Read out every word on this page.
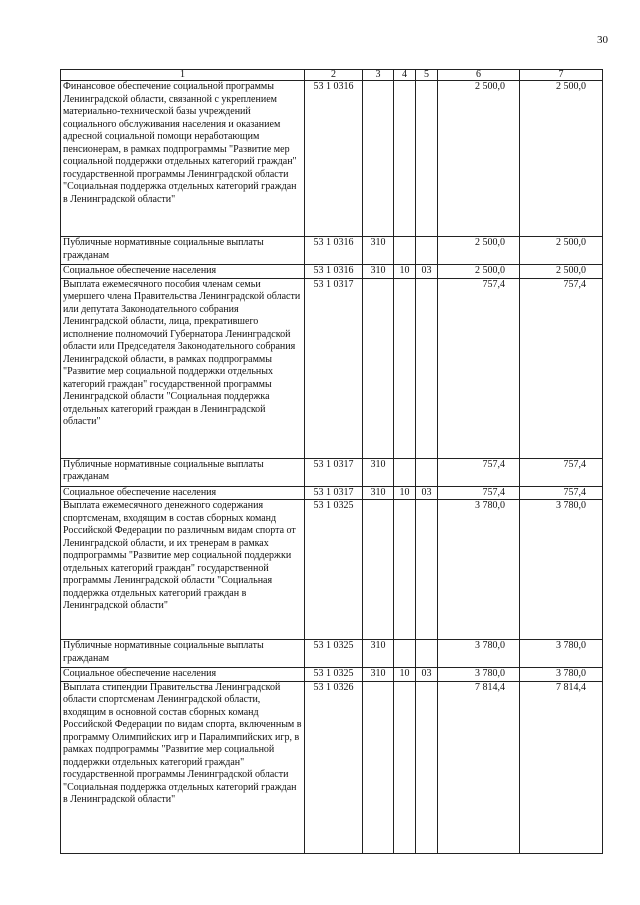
30
1	2	3	4	5	6	7
Финансовое обеспечение социальной программы Ленинградской области, связанной с укреплением материально-технической базы учреждений социального обслуживания населения и оказанием адресной социальной помощи неработающим пенсионерам, в рамках подпрограммы "Развитие мер социальной поддержки отдельных категорий граждан" государственной программы Ленинградской области "Социальная поддержка отдельных категорий граждан в Ленинградской области"	53 1 0316				2 500,0	2 500,0
Публичные нормативные социальные выплаты гражданам	53 1 0316	310			2 500,0	2 500,0
Социальное обеспечение населения	53 1 0316	310	10	03	2 500,0	2 500,0
Выплата ежемесячного пособия членам семьи умершего члена Правительства Ленинградской области или депутата Законодательного собрания Ленинградской области, лица, прекратившего исполнение полномочий Губернатора Ленинградской области или Председателя Законодательного собрания Ленинградской области, в рамках подпрограммы "Развитие мер социальной поддержки отдельных категорий граждан" государственной программы Ленинградской области "Социальная поддержка отдельных категорий граждан в Ленинградской области"	53 1 0317				757,4	757,4
Публичные нормативные социальные выплаты гражданам	53 1 0317	310			757,4	757,4
Социальное обеспечение населения	53 1 0317	310	10	03	757,4	757,4
Выплата ежемесячного денежного содержания спортсменам, входящим в состав сборных команд Российской Федерации по различным видам спорта от Ленинградской области, и их тренерам в рамках подпрограммы "Развитие мер социальной поддержки отдельных категорий граждан" государственной программы Ленинградской области "Социальная поддержка отдельных категорий граждан в Ленинградской области"	53 1 0325				3 780,0	3 780,0
Публичные нормативные социальные выплаты гражданам	53 1 0325	310			3 780,0	3 780,0
Социальное обеспечение населения	53 1 0325	310	10	03	3 780,0	3 780,0
Выплата стипендии Правительства Ленинградской области спортсменам Ленинградской области, входящим в основной состав сборных команд Российской Федерации по видам спорта, включенным в программу Олимпийских игр и Паралимпийских игр, в рамках подпрограммы "Развитие мер социальной поддержки отдельных категорий граждан" государственной программы Ленинградской области "Социальная поддержка отдельных категорий граждан в Ленинградской области"	53 1 0326				7 814,4	7 814,4
